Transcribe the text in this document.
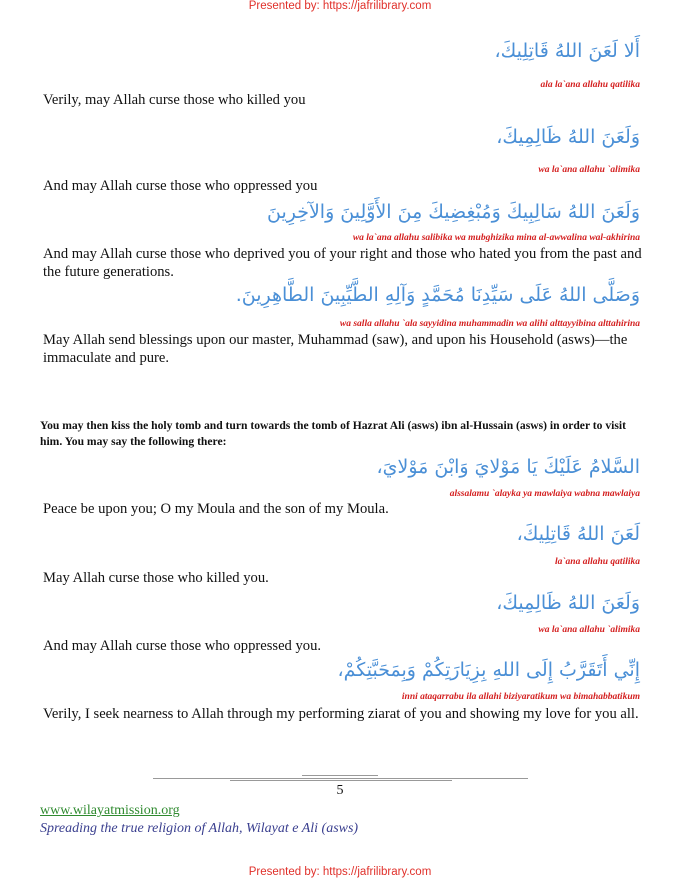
Presented by: https://jafrilibrary.com
أَلا لَعَنَ اللهُ قَاتِلِيكَ،
ala la`ana allahu qatilika
Verily, may Allah curse those who killed you
وَلَعَنَ اللهُ ظَالِمِيكَ،
wa la`ana allahu `alimika
And may Allah curse those who oppressed you
وَلَعَنَ اللهُ سَالِبِيكَ وَمُبْغِضِيكَ مِنَ الأَوَّلِينَ وَالآخِرِينَ
wa la`ana allahu salibika wa mubghizika mina al-awwalina wal-akhirina
And may Allah curse those who deprived you of your right and those who hated you from the past and the future generations.
وَصَلَّى اللهُ عَلَى سَيِّدِنَا مُحَمَّدٍ وَآلِهِ الطَّيِّبِينَ الطَّاهِرِينَ.
wa salla allahu `ala sayyidina muhammadin wa alihi alttayyibina alttahirina
May Allah send blessings upon our master, Muhammad (saw), and upon his Household (asws)—the immaculate and pure.
You may then kiss the holy tomb and turn towards the tomb of Hazrat Ali (asws) ibn al-Hussain (asws) in order to visit him. You may say the following there:
السَّلامُ عَلَيْكَ يَا مَوْلايَ وَابْنَ مَوْلايَ،
alssalamu `alayka ya mawlaiya wabna mawlaiya
Peace be upon you; O my Moula and the son of my Moula.
لَعَنَ اللهُ قَاتِلِيكَ،
la`ana allahu qatilika
May Allah curse those who killed you.
وَلَعَنَ اللهُ ظَالِمِيكَ،
wa la`ana allahu `alimika
And may Allah curse those who oppressed you.
إِنِّي أَتَقَرَّبُ إِلَى اللهِ بِزِيَارَتِكُمْ وَبِمَحَبَّتِكُمْ،
inni ataqarrabu ila allahi biziyaratikum wa bimahabbatikum
Verily, I seek nearness to Allah through my performing ziarat of you and showing my love for you all.
5
www.wilayatmission.org
Spreading the true religion of Allah, Wilayat e Ali (asws)
Presented by: https://jafrilibrary.com
